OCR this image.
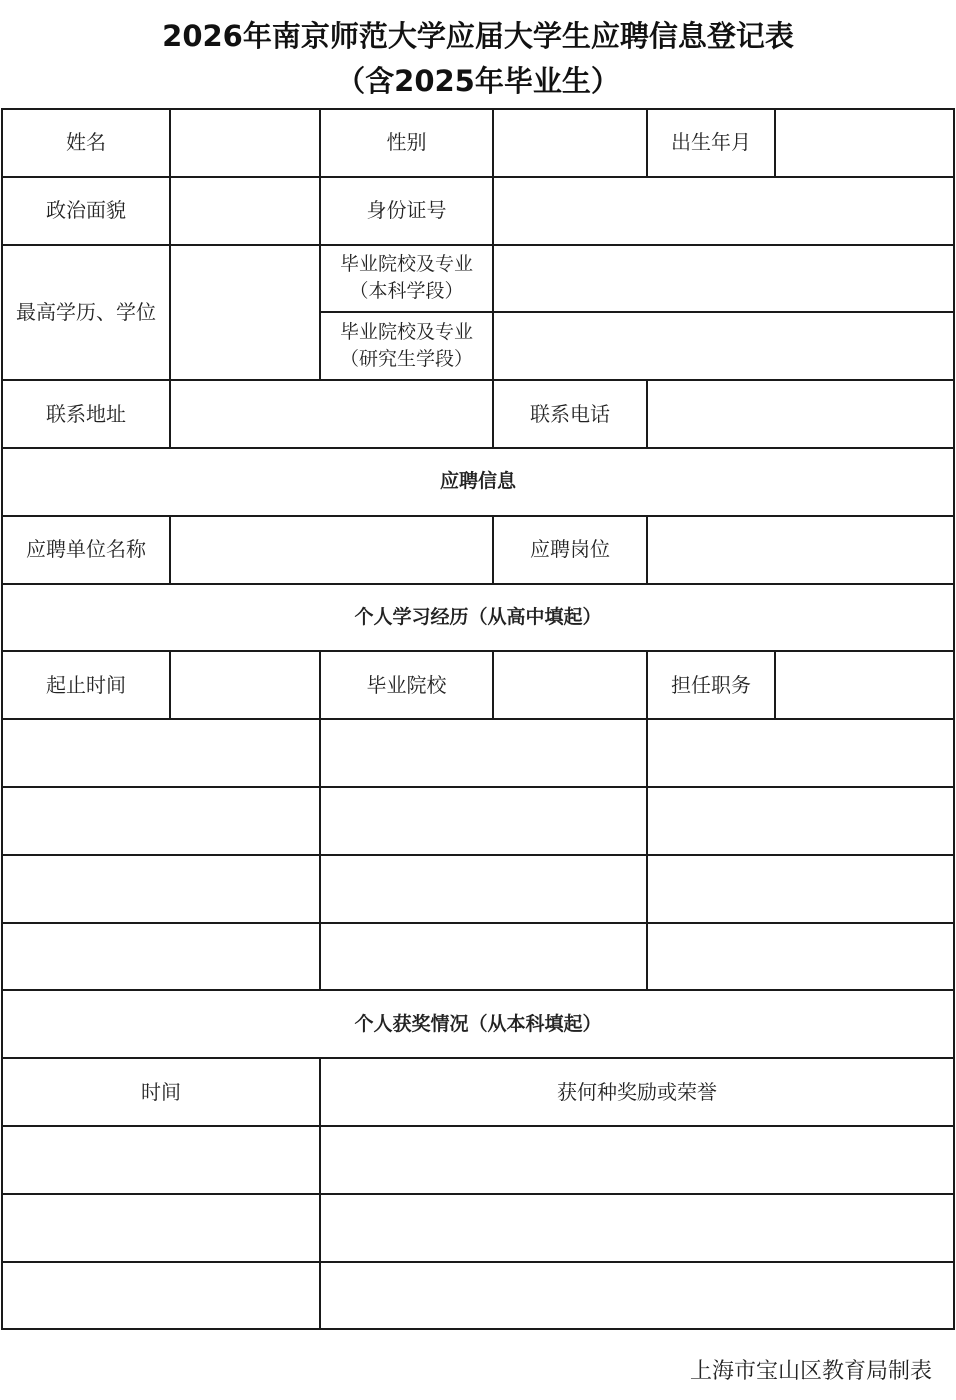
2026年南京师范大学应届大学生应聘信息登记表
（含2025年毕业生）
姓名		性别		出生年月	
政治面貌		身份证号			
最高学历、学位		毕业院校及专业
（本科学段）			

		毕业院校及专业
（研究生学段）			

联系地址			联系电话		
应聘信息					
应聘单位名称			应聘岗位		
个人学习经历（从高中填起）					
起止时间		毕业院校		担任职务	

个人获奖情况（从本科填起）					
时间		获何种奖励或荣誉			

上海市宝山区教育局制表
